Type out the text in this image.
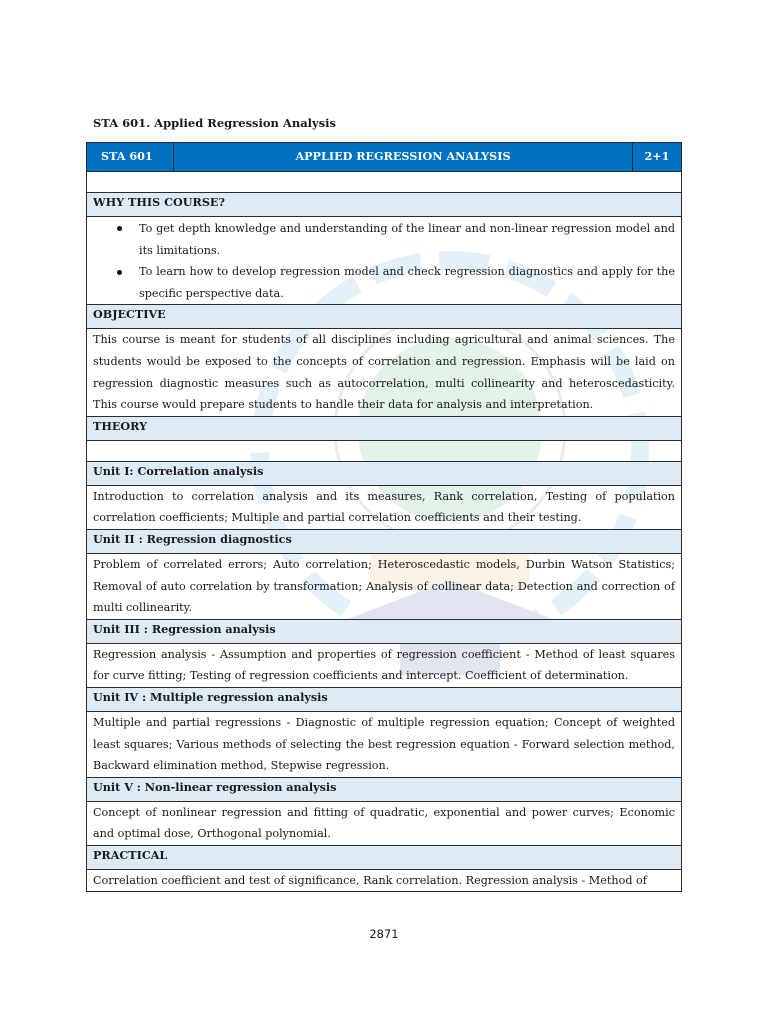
STA 601. Applied Regression Analysis
STA 601	APPLIED REGRESSION ANALYSIS	2+1

WHY THIS COURSE?

To get depth knowledge and understanding of the linear and non-linear regression model and its limitations.
To learn how to develop regression model and check regression diagnostics and apply for the specific perspective data.

OBJECTIVE
This course is meant for students of all disciplines including agricultural and animal sciences. The students would be exposed to the concepts of correlation and regression. Emphasis will be laid on regression diagnostic measures such as autocorrelation, multi collinearity and heteroscedasticity. This course would prepare students to handle their data for analysis and interpretation.
THEORY

Unit I: Correlation analysis
Introduction to correlation analysis and its measures, Rank correlation, Testing of population correlation coefficients; Multiple and partial correlation coefficients and their testing.
Unit II : Regression diagnostics
Problem of correlated errors; Auto correlation; Heteroscedastic models, Durbin Watson Statistics; Removal of auto correlation by transformation; Analysis of collinear data; Detection and correction of multi collinearity.
Unit III : Regression analysis
Regression analysis - Assumption and properties of regression coefficient - Method of least squares for curve fitting; Testing of regression coefficients and intercept. Coefficient of determination.
Unit IV : Multiple regression analysis
Multiple and partial regressions - Diagnostic of multiple regression equation; Concept of weighted least squares; Various methods of selecting the best regression equation - Forward selection method, Backward elimination method, Stepwise regression.
Unit V : Non-linear regression analysis
Concept of nonlinear regression and fitting of quadratic, exponential and power curves; Economic and optimal dose, Orthogonal polynomial.
PRACTICAL
Correlation coefficient and test of significance, Rank correlation. Regression analysis - Method of
2871
